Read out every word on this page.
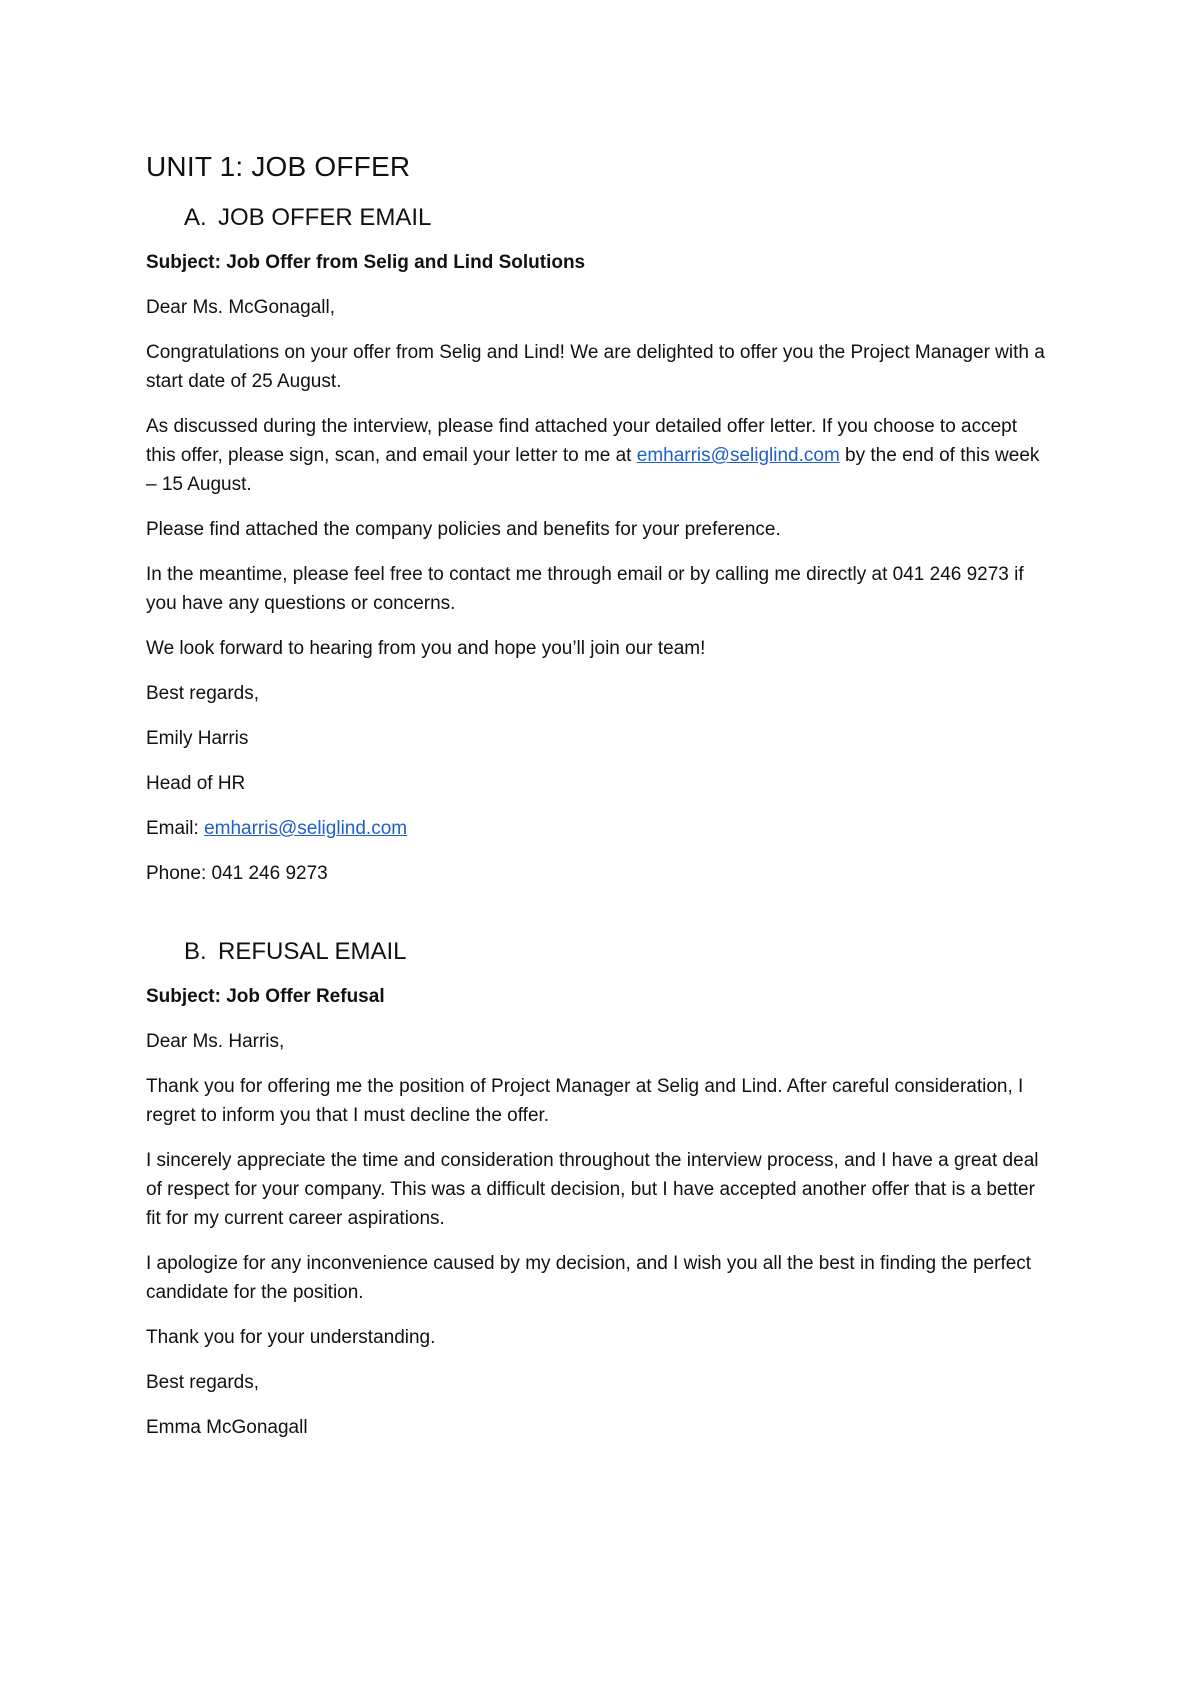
UNIT 1: JOB OFFER
A. JOB OFFER EMAIL

Subject: Job Offer from Selig and Lind Solutions

Dear Ms. McGonagall,

Congratulations on your offer from Selig and Lind! We are delighted to offer you the Project Manager with a start date of 25 August.

As discussed during the interview, please find attached your detailed offer letter. If you choose to accept this offer, please sign, scan, and email your letter to me at emharris@seliglind.com by the end of this week – 15 August.

Please find attached the company policies and benefits for your preference.

In the meantime, please feel free to contact me through email or by calling me directly at 041 246 9273 if you have any questions or concerns.

We look forward to hearing from you and hope you’ll join our team!

Best regards,

Emily Harris

Head of HR

Email: emharris@seliglind.com

Phone: 041 246 9273

B. REFUSAL EMAIL

Subject: Job Offer Refusal

Dear Ms. Harris,

Thank you for offering me the position of Project Manager at Selig and Lind. After careful consideration, I regret to inform you that I must decline the offer.

I sincerely appreciate the time and consideration throughout the interview process, and I have a great deal of respect for your company. This was a difficult decision, but I have accepted another offer that is a better fit for my current career aspirations.

I apologize for any inconvenience caused by my decision, and I wish you all the best in finding the perfect candidate for the position.

Thank you for your understanding.

Best regards,

Emma McGonagall
